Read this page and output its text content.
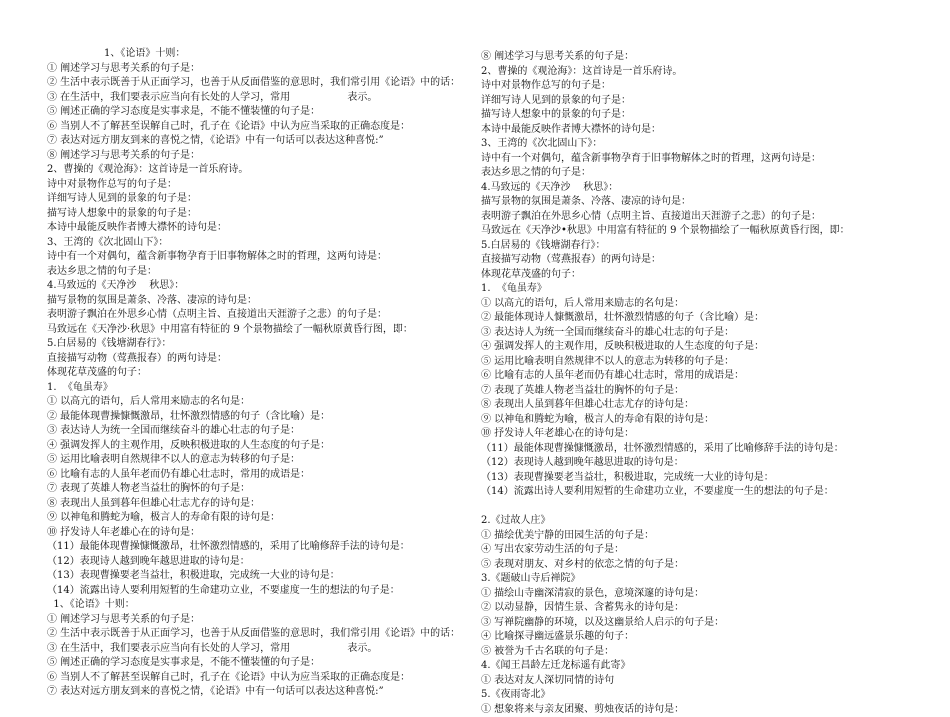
1、《论语》十则：
① 阐述学习与思考关系的句子是：
② 生活中表示既善于从正面学习，也善于从反面借鉴的意思时，我们常引用《论语》中的话：
③ 在生活中，我们要表示应当向有长处的人学习，常用                  表示。
⑤ 阐述正确的学习态度是实事求是，不能不懂装懂的句子是：
⑥ 当别人不了解甚至误解自己时，孔子在《论语》中认为应当采取的正确态度是：
⑦ 表达对远方朋友到来的喜悦之情，《论语》中有一句话可以表达这种喜悦:”
⑧ 阐述学习与思考关系的句子是：
2、曹操的《观沧海》：这首诗是一首乐府诗。
诗中对景物作总写的句子是：
详细写诗人见到的景象的句子是：
描写诗人想象中的景象的句子是：
本诗中最能反映作者博大襟怀的诗句是：
3、王湾的《次北固山下》：
诗中有一个对偶句，蕴含新事物孕育于旧事物解体之时的哲理，这两句诗是：
表达乡思之情的句子是：
4.马致远的《天净沙    秋思》：
描写景物的氛围是萧条、冷落、凄凉的诗句是：
表明游子飘泊在外思乡心情（点明主旨、直接道出天涯游子之悲）的句子是：
马致远在《天净沙·秋思》中用富有特征的 9 个景物描绘了一幅秋原黄昏行图，即：
5.白居易的《钱塘湖春行》：
直接描写动物（莺燕报春）的两句诗是：
体现花草茂盛的句子：
1.  《龟虽寿》
① 以高亢的语句，后人常用来励志的名句是：
② 最能体现曹操慷慨激昂，壮怀激烈情感的句子（含比喻）是：
③ 表达诗人为统一全国而继续奋斗的雄心壮志的句子是：
④ 强调发挥人的主观作用，反映积极进取的人生态度的句子是：
⑤ 运用比喻表明自然规律不以人的意志为转移的句子是：
⑥ 比喻有志的人虽年老而仍有雄心壮志时，常用的成语是：
⑦ 表现了英雄人物老当益壮的胸怀的句子是：
⑧ 表现出人虽到暮年但雄心壮志尤存的诗句是：
⑨ 以神龟和腾蛇为喻，极言人的寿命有限的诗句是：
⑩ 抒发诗人年老雄心在的诗句是：
（11）最能体现曹操慷慨激昂，壮怀激烈情感的，采用了比喻修辞手法的诗句是：
（12）表现诗人越到晚年越思进取的诗句是：
（13）表现曹操要老当益壮，积极进取，完成统一大业的诗句是：
（14）流露出诗人要利用短暂的生命建功立业，不要虚度一生的想法的句子是：
1、《论语》十则：
① 阐述学习与思考关系的句子是：
② 生活中表示既善于从正面学习，也善于从反面借鉴的意思时，我们常引用《论语》中的话：
③ 在生活中，我们要表示应当向有长处的人学习，常用                  表示。
⑤ 阐述正确的学习态度是实事求是，不能不懂装懂的句子是：
⑥ 当别人不了解甚至误解自己时，孔子在《论语》中认为应当采取的正确态度是：
⑦ 表达对远方朋友到来的喜悦之情，《论语》中有一句话可以表达这种喜悦:”
⑧ 阐述学习与思考关系的句子是：
2、曹操的《观沧海》：这首诗是一首乐府诗。
诗中对景物作总写的句子是：
详细写诗人见到的景象的句子是：
描写诗人想象中的景象的句子是：
本诗中最能反映作者博大襟怀的诗句是：
3、王湾的《次北固山下》：
诗中有一个对偶句，蕴含新事物孕育于旧事物解体之时的哲理，这两句诗是：
表达乡思之情的句子是：
4.马致远的《天净沙    秋思》：
描写景物的氛围是萧条、冷落、凄凉的诗句是：
表明游子飘泊在外思乡心情（点明主旨、直接道出天涯游子之悲）的句子是：
马致远在《天净沙•秋思》中用富有特征的 9 个景物描绘了一幅秋原黄昏行图，即：
5.白居易的《钱塘湖春行》：
直接描写动物（莺燕报春）的两句诗是：
体现花草茂盛的句子：
1.  《龟虽寿》
① 以高亢的语句，后人常用来励志的名句是：
② 最能体现诗人慷慨激昂，壮怀激烈情感的句子（含比喻）是：
③ 表达诗人为统一全国而继续奋斗的雄心壮志的句子是：
④ 强调发挥人的主观作用，反映积极进取的人生态度的句子是：
⑤ 运用比喻表明自然规律不以人的意志为转移的句子是：
⑥ 比喻有志的人虽年老而仍有雄心壮志时，常用的成语是：
⑦ 表现了英雄人物老当益壮的胸怀的句子是：
⑧ 表现出人虽到暮年但雄心壮志尤存的诗句是：
⑨ 以神龟和腾蛇为喻，极言人的寿命有限的诗句是：
⑩ 抒发诗人年老雄心在的诗句是：
（11）最能体现曹操慷慨激昂，壮怀激烈情感的，采用了比喻修辞手法的诗句是：
（12）表现诗人越到晚年越思进取的诗句是：
（13）表现曹操要老当益壮，积极进取，完成统一大业的诗句是：
（14）流露出诗人要利用短暂的生命建功立业，不要虚度一生的想法的句子是：
2.《过故人庄》
① 描绘优美宁静的田园生活的句子是：
④ 写出农家劳动生活的句子是：
⑤ 表现对朋友、对乡村的依恋之情的句子是：
3.《题破山寺后禅院》
① 描绘山寺幽深清寂的景色，意境深邃的诗句是：
② 以动显静，因情生景、含蓄隽永的诗句是：
③ 写禅院幽静的环境，以及这幽景给人启示的句子是：
④ 比喻探寻幽远盛景乐趣的句子：
⑤ 被誉为千古名联的句子是：
4.《闻王昌龄左迁龙标遥有此寄》
① 表达对友人深切同情的诗句
5.《夜雨寄北》
① 想象将来与亲友团聚、剪烛夜话的诗句是：
